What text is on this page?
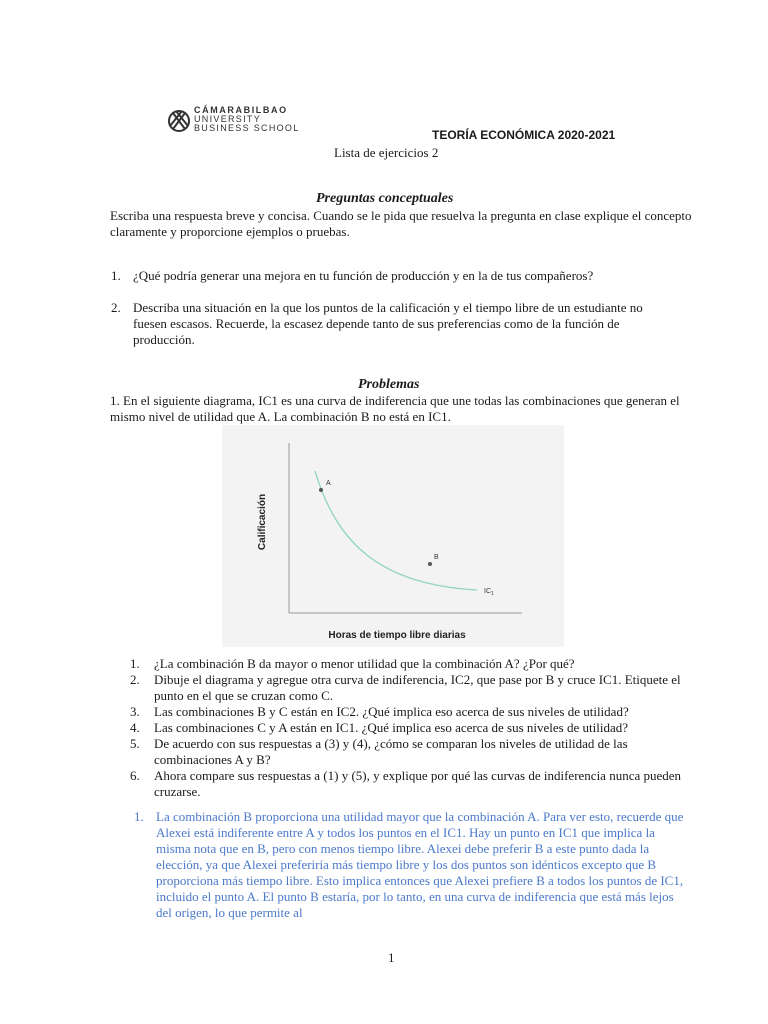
CÁMARABILBAO
UNIVERSITY
BUSINESS SCHOOL	TEORÍA ECONÓMICA 2020-2021
Lista de ejercicios 2
Preguntas conceptuales
Escriba una respuesta breve y concisa. Cuando se le pida que resuelva la pregunta en clase explique el concepto claramente y proporcione ejemplos o pruebas.
1. ¿Qué podría generar una mejora en tu función de producción y en la de tus compañeros?
2. Describa una situación en la que los puntos de la calificación y el tiempo libre de un estudiante no fuesen escasos. Recuerde, la escasez depende tanto de sus preferencias como de la función de producción.
Problemas
1. En el siguiente diagrama, IC1 es una curva de indiferencia que une todas las combinaciones que generan el mismo nivel de utilidad que A. La combinación B no está en IC1.
A
B
$IC_1$
Horas de tiempo libre diarias
Calificación
1. ¿La combinación B da mayor o menor utilidad que la combinación A? ¿Por qué?
2. Dibuje el diagrama y agregue otra curva de indiferencia, IC2, que pase por B y cruce IC1. Etiquete el punto en el que se cruzan como C.
3. Las combinaciones B y C están en IC2. ¿Qué implica eso acerca de sus niveles de utilidad?
4. Las combinaciones C y A están en IC1. ¿Qué implica eso acerca de sus niveles de utilidad?
5. De acuerdo con sus respuestas a (3) y (4), ¿cómo se comparan los niveles de utilidad de las combinaciones A y B?
6. Ahora compare sus respuestas a (1) y (5), y explique por qué las curvas de indiferencia nunca pueden cruzarse.
1. La combinación B proporciona una utilidad mayor que la combinación A. Para ver esto, recuerde que Alexei está indiferente entre A y todos los puntos en el IC1. Hay un punto en IC1 que implica la misma nota que en B, pero con menos tiempo libre. Alexei debe preferir B a este punto dada la elección, ya que Alexei preferiría más tiempo libre y los dos puntos son idénticos excepto que B proporciona más tiempo libre. Esto implica entonces que Alexei prefiere B a todos los puntos de IC1, incluido el punto A. El punto B estaría, por lo tanto, en una curva de indiferencia que está más lejos del origen, lo que permite al
1
